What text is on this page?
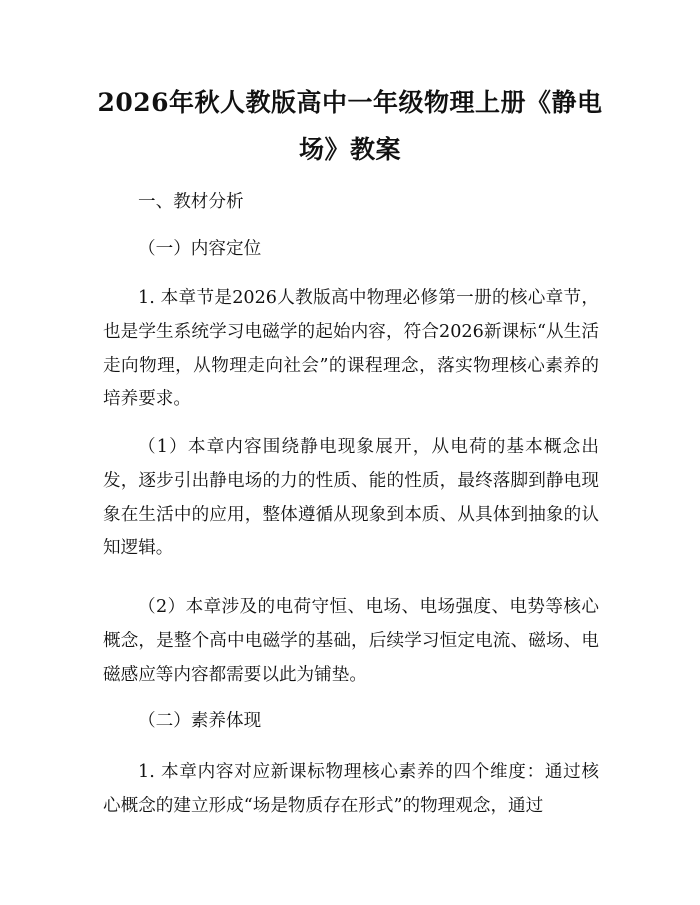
2026年秋人教版高中一年级物理上册《静电
场》教案

一、教材分析

（一）内容定位

1. 本章节是2026人教版高中物理必修第一册的核心章节，也是学生系统学习电磁学的起始内容，符合2026新课标“从生活走向物理，从物理走向社会”的课程理念，落实物理核心素养的培养要求。

（1）本章内容围绕静电现象展开，从电荷的基本概念出发，逐步引出静电场的力的性质、能的性质，最终落脚到静电现象在生活中的应用，整体遵循从现象到本质、从具体到抽象的认知逻辑。

（2）本章涉及的电荷守恒、电场、电场强度、电势等核心概念，是整个高中电磁学的基础，后续学习恒定电流、磁场、电磁感应等内容都需要以此为铺垫。

（二）素养体现

1. 本章内容对应新课标物理核心素养的四个维度：通过核心概念的建立形成“场是物质存在形式”的物理观念，通过
